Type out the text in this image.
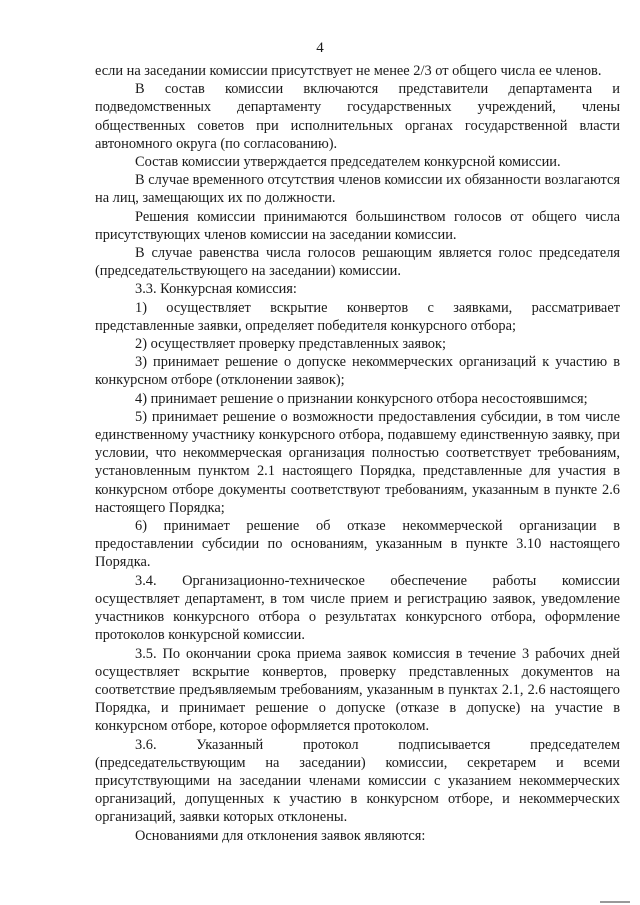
4

если на заседании комиссии присутствует не менее 2/3 от общего числа ее членов.

В состав комиссии включаются представители департамента и подведомственных департаменту государственных учреждений, члены общественных советов при исполнительных органах государственной власти автономного округа (по согласованию).

Состав комиссии утверждается председателем конкурсной комиссии.

В случае временного отсутствия членов комиссии их обязанности возлагаются на лиц, замещающих их по должности.

Решения комиссии принимаются большинством голосов от общего числа присутствующих членов комиссии на заседании комиссии.

В случае равенства числа голосов решающим является голос председателя (председательствующего на заседании) комиссии.

3.3. Конкурсная комиссия:

1) осуществляет вскрытие конвертов с заявками, рассматривает представленные заявки, определяет победителя конкурсного отбора;

2) осуществляет проверку представленных заявок;

3) принимает решение о допуске некоммерческих организаций к участию в конкурсном отборе (отклонении заявок);

4) принимает решение о признании конкурсного отбора несостоявшимся;

5) принимает решение о возможности предоставления субсидии, в том числе единственному участнику конкурсного отбора, подавшему единственную заявку, при условии, что некоммерческая организация полностью соответствует требованиям, установленным пунктом 2.1 настоящего Порядка, представленные для участия в конкурсном отборе документы соответствуют требованиям, указанным в пункте 2.6 настоящего Порядка;

6) принимает решение об отказе некоммерческой организации в предоставлении субсидии по основаниям, указанным в пункте 3.10 настоящего Порядка.

3.4. Организационно-техническое обеспечение работы комиссии осуществляет департамент, в том числе прием и регистрацию заявок, уведомление участников конкурсного отбора о результатах конкурсного отбора, оформление протоколов конкурсной комиссии.

3.5. По окончании срока приема заявок комиссия в течение 3 рабочих дней осуществляет вскрытие конвертов, проверку представленных документов на соответствие предъявляемым требованиям, указанным в пунктах 2.1, 2.6 настоящего Порядка, и принимает решение о допуске (отказе в допуске) на участие в конкурсном отборе, которое оформляется протоколом.

3.6. Указанный протокол подписывается председателем (председательствующим на заседании) комиссии, секретарем и всеми присутствующими на заседании членами комиссии с указанием некоммерческих организаций, допущенных к участию в конкурсном отборе, и некоммерческих организаций, заявки которых отклонены.

Основаниями для отклонения заявок являются:
